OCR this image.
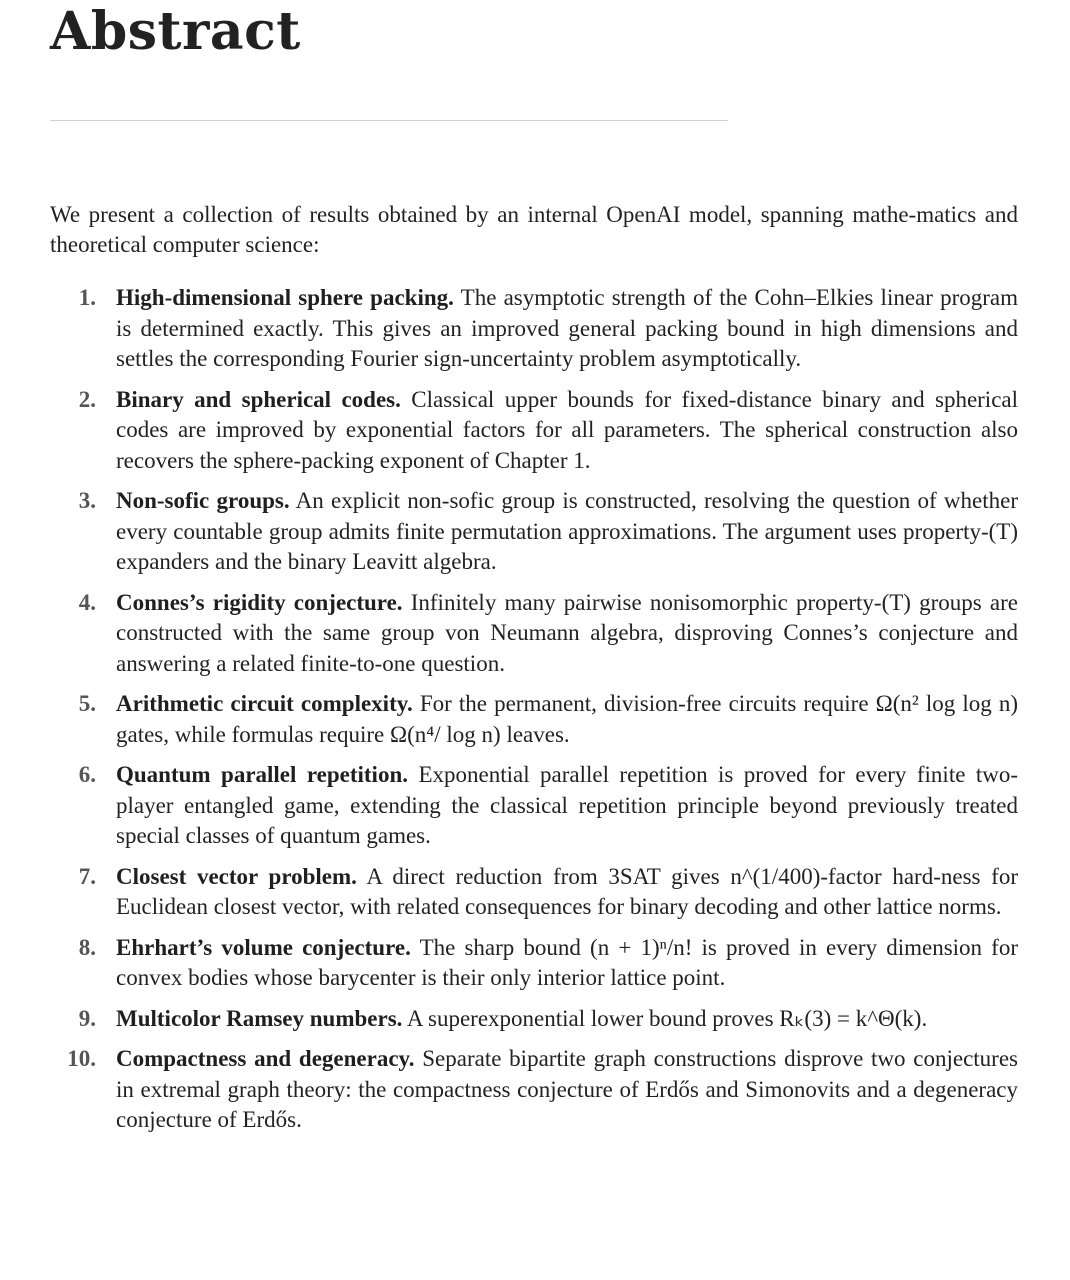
Abstract

We present a collection of results obtained by an internal OpenAI model, spanning mathe-matics and theoretical computer science:

1. High-dimensional sphere packing. The asymptotic strength of the Cohn–Elkies linear program is determined exactly. This gives an improved general packing bound in high dimensions and settles the corresponding Fourier sign-uncertainty problem asymptotically.
2. Binary and spherical codes. Classical upper bounds for fixed-distance binary and spherical codes are improved by exponential factors for all parameters. The spherical construction also recovers the sphere-packing exponent of Chapter 1.
3. Non-sofic groups. An explicit non-sofic group is constructed, resolving the question of whether every countable group admits finite permutation approximations. The argument uses property-(T) expanders and the binary Leavitt algebra.
4. Connes’s rigidity conjecture. Infinitely many pairwise nonisomorphic property-(T) groups are constructed with the same group von Neumann algebra, disproving Connes’s conjecture and answering a related finite-to-one question.
5. Arithmetic circuit complexity. For the permanent, division-free circuits require Ω(n² log log n) gates, while formulas require Ω(n⁴/ log n) leaves.
6. Quantum parallel repetition. Exponential parallel repetition is proved for every finite two-player entangled game, extending the classical repetition principle beyond previously treated special classes of quantum games.
7. Closest vector problem. A direct reduction from 3SAT gives n^(1/400)-factor hard-ness for Euclidean closest vector, with related consequences for binary decoding and other lattice norms.
8. Ehrhart’s volume conjecture. The sharp bound (n + 1)ⁿ/n! is proved in every dimension for convex bodies whose barycenter is their only interior lattice point.
9. Multicolor Ramsey numbers. A superexponential lower bound proves Rₖ(3) = k^Θ(k).
10. Compactness and degeneracy. Separate bipartite graph constructions disprove two conjectures in extremal graph theory: the compactness conjecture of Erdős and Simonovits and a degeneracy conjecture of Erdős.
